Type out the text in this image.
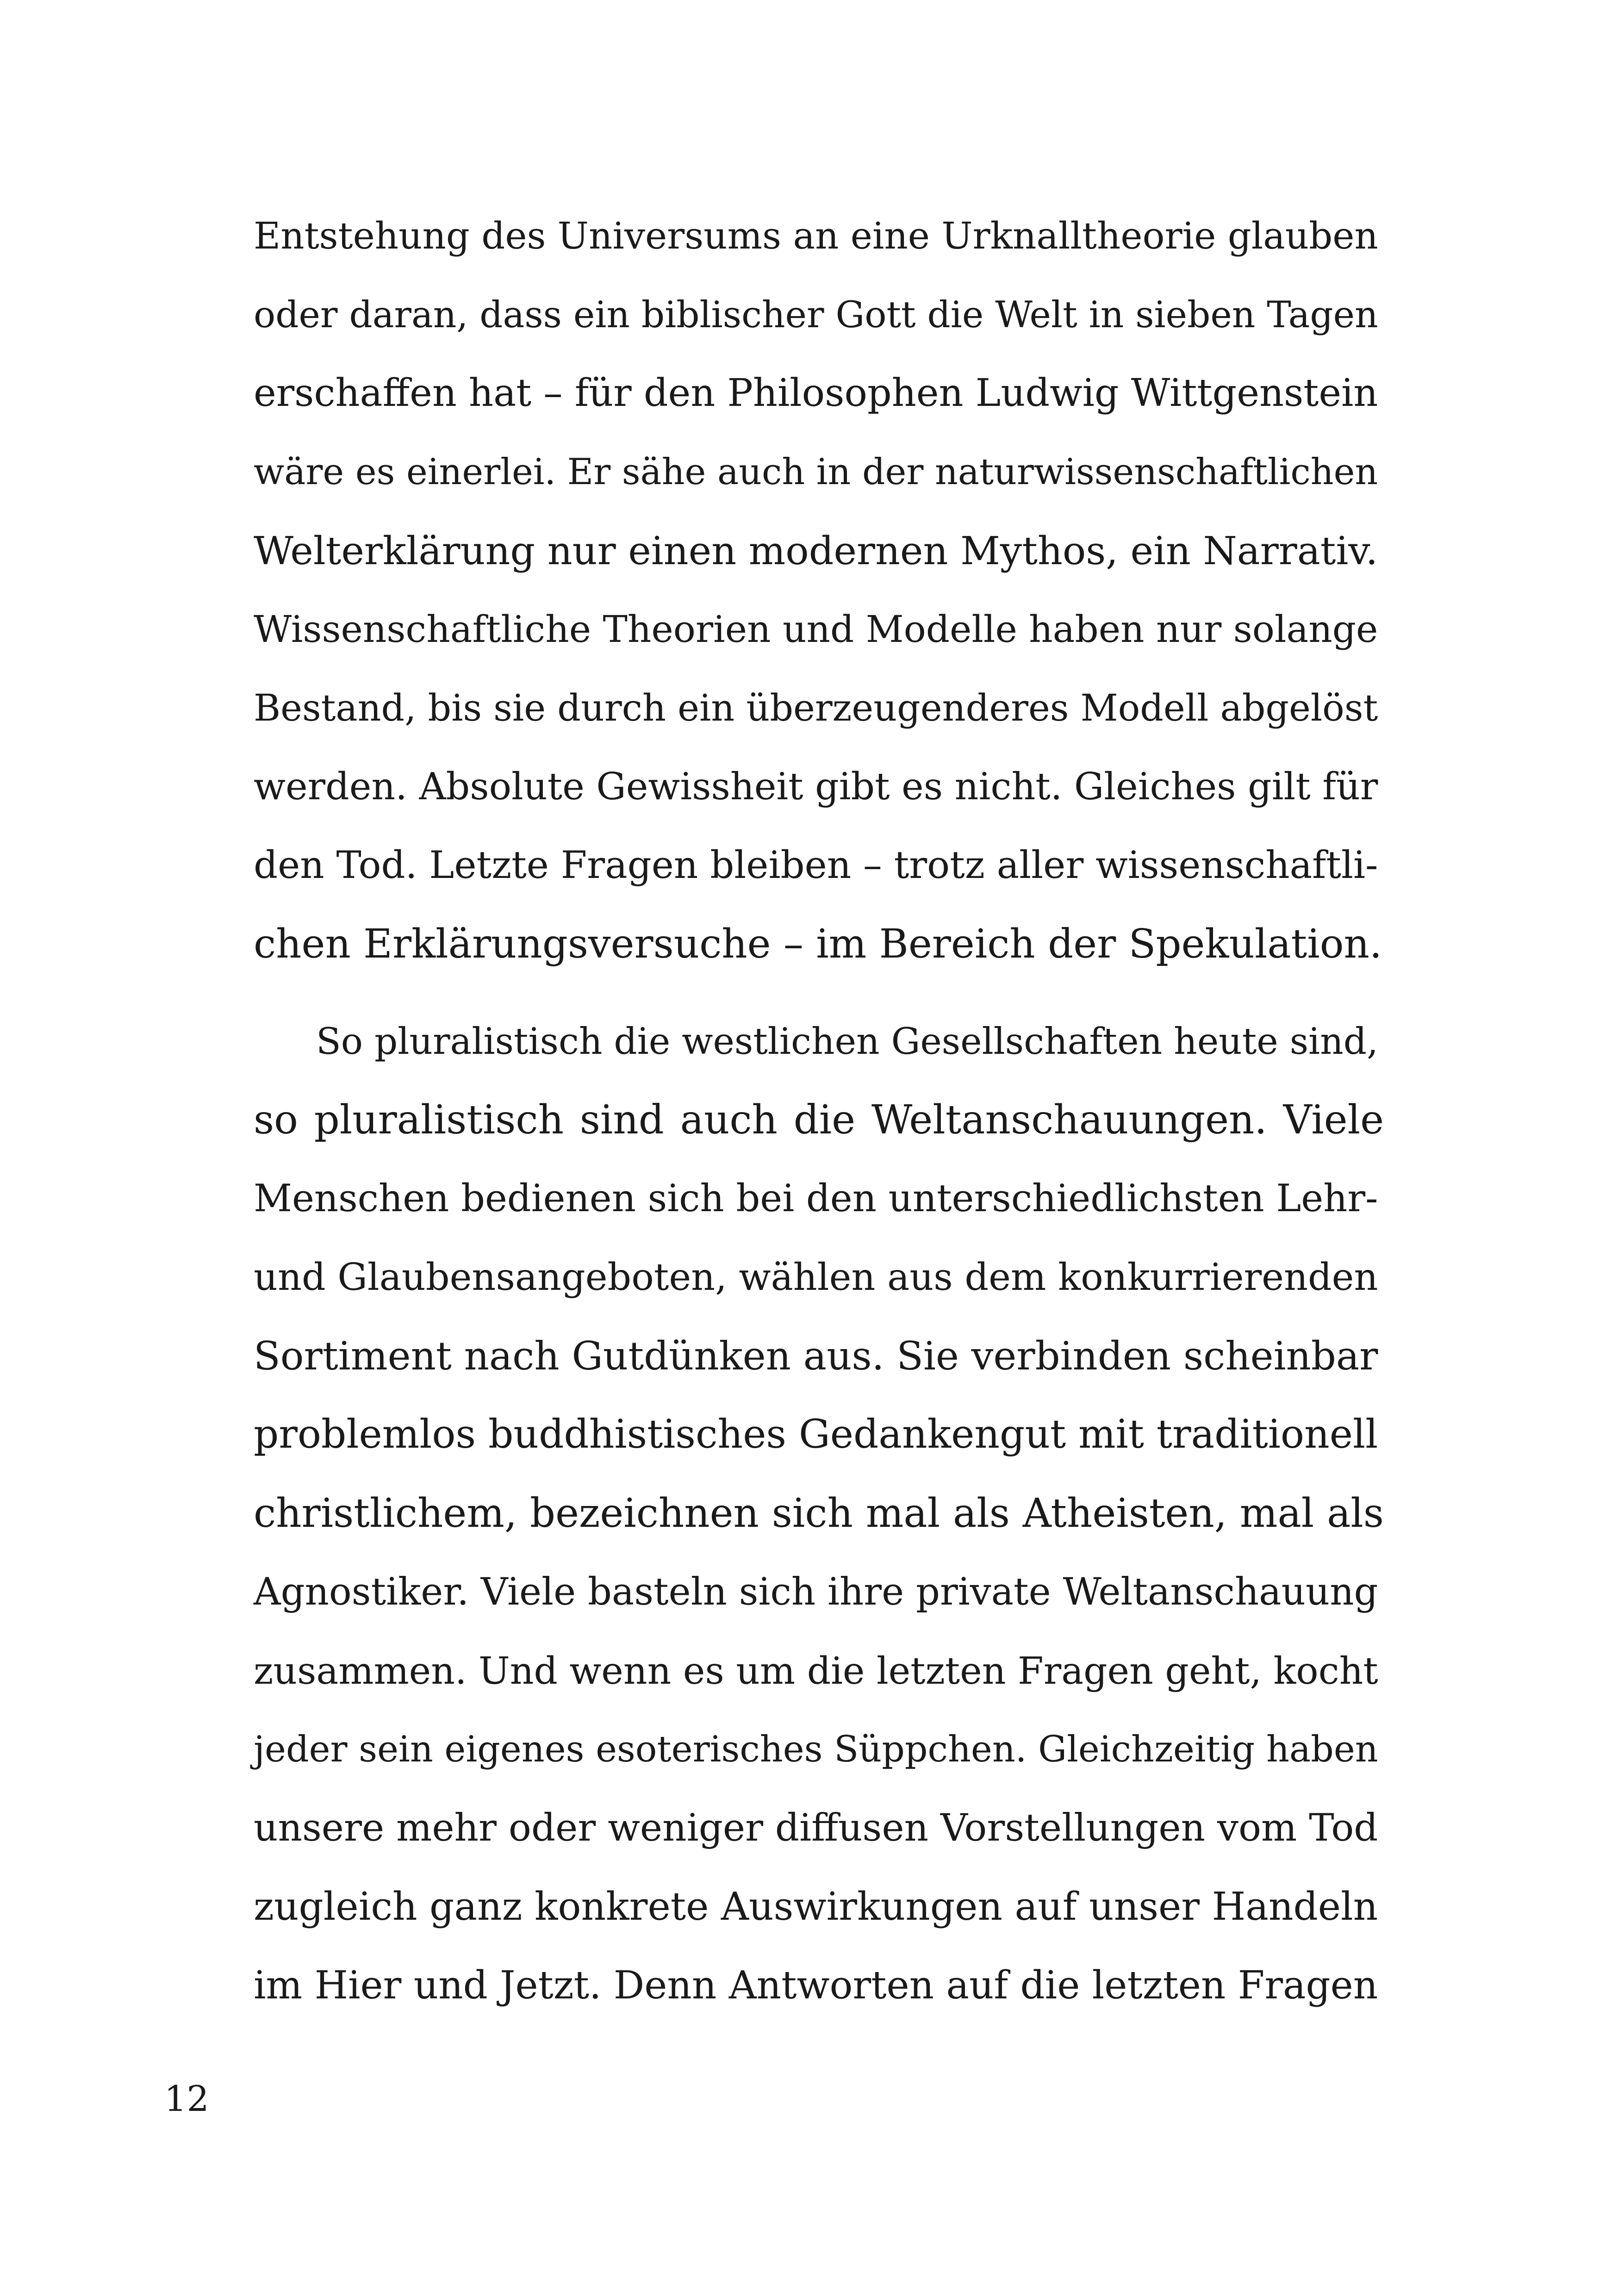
Entstehung des Universums an eine Urknalltheorie glauben
oder daran, dass ein biblischer Gott die Welt in sieben Tagen
erschaffen hat – für den Philosophen Ludwig Wittgenstein
wäre es einerlei. Er sähe auch in der naturwissenschaftlichen
Welterklärung nur einen modernen Mythos, ein Narrativ.
Wissenschaftliche Theorien und Modelle haben nur solange
Bestand, bis sie durch ein überzeugenderes Modell abgelöst
werden. Absolute Gewissheit gibt es nicht. Gleiches gilt für
den Tod. Letzte Fragen bleiben – trotz aller wissenschaftli-
chen Erklärungsversuche – im Bereich der Spekulation.
So pluralistisch die westlichen Gesellschaften heute sind,
so pluralistisch sind auch die Weltanschauungen. Viele
Menschen bedienen sich bei den unterschiedlichsten Lehr-
und Glaubensangeboten, wählen aus dem konkurrierenden
Sortiment nach Gutdünken aus. Sie verbinden scheinbar
problemlos buddhistisches Gedankengut mit traditionell
christlichem, bezeichnen sich mal als Atheisten, mal als
Agnostiker. Viele basteln sich ihre private Weltanschauung
zusammen. Und wenn es um die letzten Fragen geht, kocht
jeder sein eigenes esoterisches Süppchen. Gleichzeitig haben
unsere mehr oder weniger diffusen Vorstellungen vom Tod
zugleich ganz konkrete Auswirkungen auf unser Handeln
im Hier und Jetzt. Denn Antworten auf die letzten Fragen
12
